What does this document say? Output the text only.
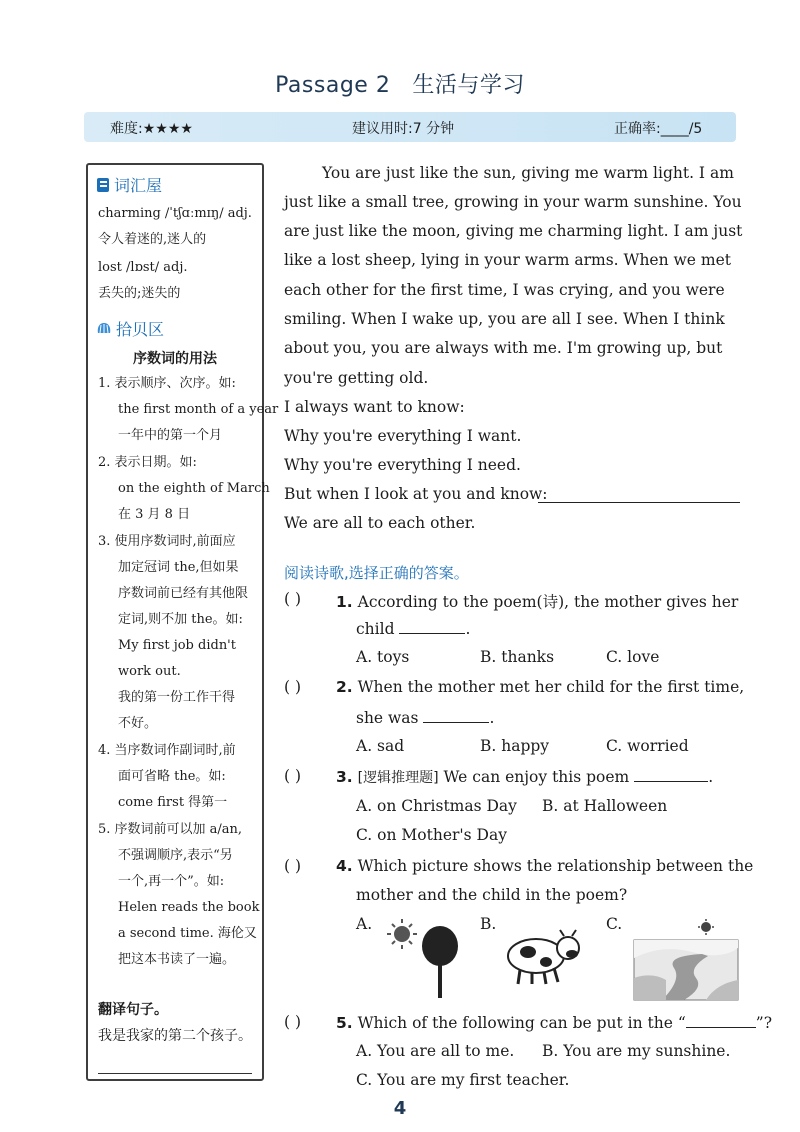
Passage 2 生活与学习
难度:★★★★	建议用时:7 分钟	正确率:____/5
词汇屋
charming /ˈtʃɑːmɪŋ/ adj.
令人着迷的,迷人的
lost /lɒst/ adj.
丢失的;迷失的
拾贝区
序数词的用法
1. 表示顺序、次序。如:
the first month of a year
一年中的第一个月
2. 表示日期。如:
on the eighth of March
在 3 月 8 日
3. 使用序数词时,前面应
加定冠词 the,但如果
序数词前已经有其他限
定词,则不加 the。如:
My first job didn't
work out.
我的第一份工作干得
不好。
4. 当序数词作副词时,前
面可省略 the。如:
come first 得第一
5. 序数词前可以加 a/an,
不强调顺序,表示“另
一个,再一个”。如:
Helen reads the book
a second time. 海伦又
把这本书读了一遍。
翻译句子。
我是我家的第二个孩子。
You are just like the sun, giving me warm light. I am
just like a small tree, growing in your warm sunshine. You
are just like the moon, giving me charming light. I am just
like a lost sheep, lying in your warm arms. When we met
each other for the first time, I was crying, and you were
smiling. When I wake up, you are all I see. When I think
about you, you are always with me. I'm growing up, but
you're getting old.
I always want to know:
Why you're everything I want.
Why you're everything I need.
But when I look at you and know:
We are all to each other.
阅读诗歌,选择正确的答案。
( ) 1. According to the poem(诗), the mother gives her
child	.
A. toys	B. thanks	C. love
( ) 2. When the mother met her child for the first time,
she was	.
A. sad	B. happy	C. worried
( ) 3. [逻辑推理题] We can enjoy this poem	.
A. on Christmas Day B. at Halloween
C. on Mother's Day
( ) 4. Which picture shows the relationship between the
mother and the child in the poem?
A.	B.	C.
( ) 5. Which of the following can be put in the “	”?
A. You are all to me. B. You are my sunshine.
C. You are my first teacher.
4
